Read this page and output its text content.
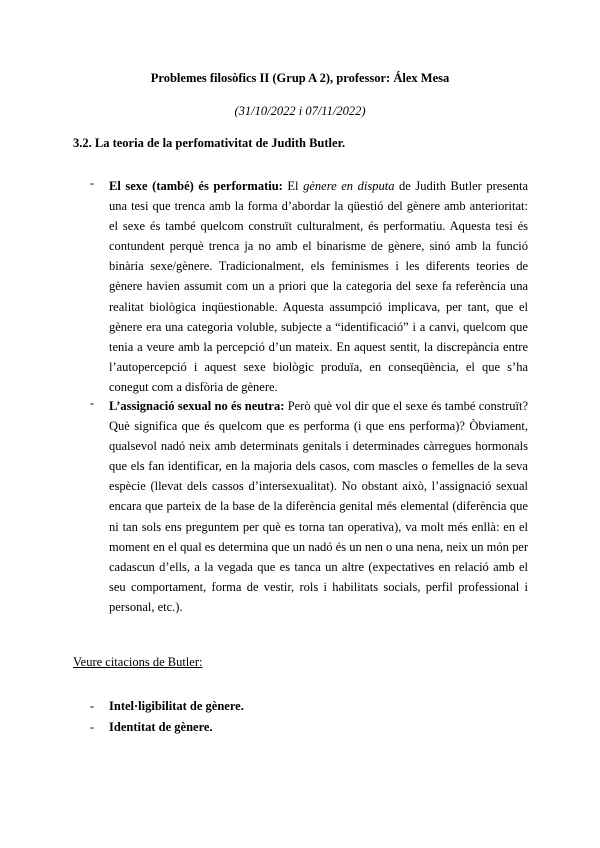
Problemes filosòfics II (Grup A 2), professor: Álex Mesa
(31/10/2022 i 07/11/2022)
3.2. La teoria de la perfomativitat de Judith Butler.
- El sexe (també) és performatiu: El gènere en disputa de Judith Butler presenta una tesi que trenca amb la forma d’abordar la qüestió del gènere amb anterioritat: el sexe és també quelcom construït culturalment, és performatiu. Aquesta tesi és contundent perquè trenca ja no amb el binarisme de gènere, sinó amb la funció binària sexe/gènere. Tradicionalment, els feminismes i les diferents teories de gènere havien assumit com un a priori que la categoria del sexe fa referència una realitat biològica inqüestionable. Aquesta assumpció implicava, per tant, que el gènere era una categoria voluble, subjecte a “identificació” i a canvi, quelcom que tenia a veure amb la percepció d’un mateix. En aquest sentit, la discrepància entre l’autopercepció i aquest sexe biològic produïa, en conseqüència, el que s’ha conegut com a disfòria de gènere.

- L’assignació sexual no és neutra: Però què vol dir que el sexe és també construït? Què significa que és quelcom que es performa (i que ens performa)? Òbviament, qualsevol nadó neix amb determinats genitals i determinades càrregues hormonals que els fan identificar, en la majoria dels casos, com mascles o femelles de la seva espècie (llevat dels cassos d’intersexualitat). No obstant això, l’assignació sexual encara que parteix de la base de la diferència genital més elemental (diferència que ni tan sols ens preguntem per què es torna tan operativa), va molt més enllà: en el moment en el qual es determina que un nadó és un nen o una nena, neix un món per cadascun d’ells, a la vegada que es tanca un altre (expectatives en relació amb el seu comportament, forma de vestir, rols i habilitats socials, perfil professional i personal, etc.).

Veure citacions de Butler:
- Intel·ligibilitat de gènere.
- Identitat de gènere.
